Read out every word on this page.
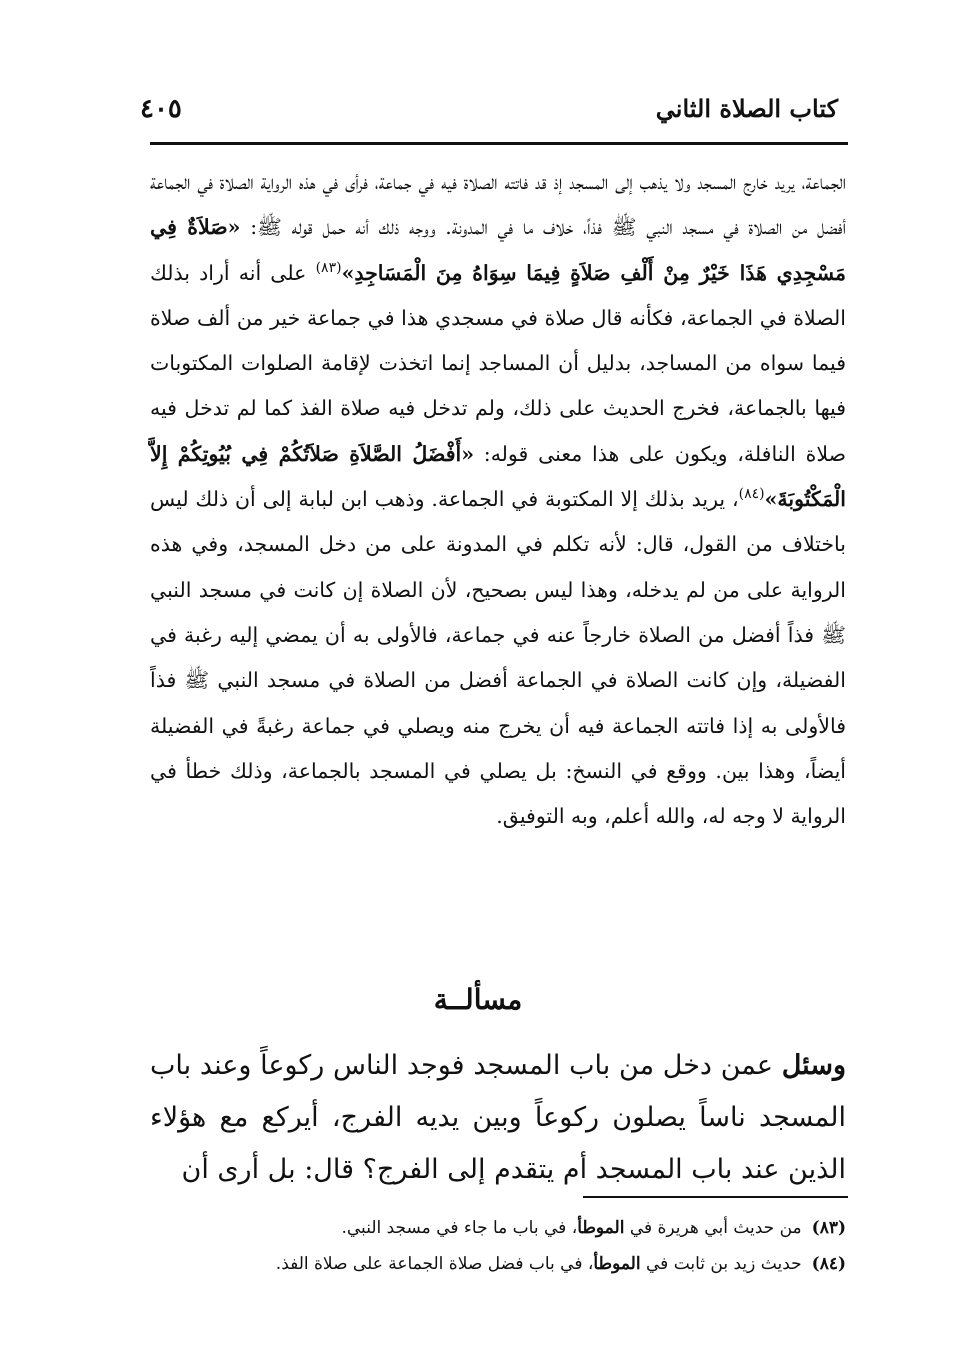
كتاب الصلاة الثاني
٤٠٥

الجماعة، يريد خارج المسجد ولا يذهب إلى المسجد إذ قد فاتته الصلاة فيه في جماعة، فرأى في هذه الرواية الصلاة في الجماعة أفضل من الصلاة في مسجد النبي ﷺ فذاً، خلاف ما في المدونة. ووجه ذلك أنه حمل قوله ﷺ: «صَلاَةٌ فِي مَسْجِدِي هَذَا خَيْرٌ مِنْ أَلْفِ صَلاَةٍ فِيمَا سِوَاهُ مِنَ الْمَسَاجِدِ»$^{(٨٣)}$ على أنه أراد بذلك الصلاة في الجماعة، فكأنه قال صلاة في مسجدي هذا في جماعة خير من ألف صلاة فيما سواه من المساجد، بدليل أن المساجد إنما اتخذت لإقامة الصلوات المكتوبات فيها بالجماعة، فخرج الحديث على ذلك، ولم تدخل فيه صلاة الفذ كما لم تدخل فيه صلاة النافلة، ويكون على هذا معنى قوله: «أَفْضَلُ الصَّلاَةِ صَلاَتُكُمْ فِي بُيُوتِكُمْ إِلاَّ الْمَكْتُوبَةَ»$^{(٨٤)}$، يريد بذلك إلا المكتوبة في الجماعة. وذهب ابن لبابة إلى أن ذلك ليس باختلاف من القول، قال: لأنه تكلم في المدونة على من دخل المسجد، وفي هذه الرواية على من لم يدخله، وهذا ليس بصحيح، لأن الصلاة إن كانت في مسجد النبي ﷺ فذاً أفضل من الصلاة خارجاً عنه في جماعة، فالأولى به أن يمضي إليه رغبة في الفضيلة، وإن كانت الصلاة في الجماعة أفضل من الصلاة في مسجد النبي ﷺ فذاً فالأولى به إذا فاتته الجماعة فيه أن يخرج منه ويصلي في جماعة رغبةً في الفضيلة أيضاً، وهذا بين. ووقع في النسخ: بل يصلي في المسجد بالجماعة، وذلك خطأ في الرواية لا وجه له، والله أعلم، وبه التوفيق.

مسألــة

وسئل عمن دخل من باب المسجد فوجد الناس ركوعاً وعند باب المسجد ناساً يصلون ركوعاً وبين يديه الفرج، أيركع مع هؤلاء الذين عند باب المسجد أم يتقدم إلى الفرج؟ قال: بل أرى أن

(٨٣)من حديث أبي هريرة في الموطأ، في باب ما جاء في مسجد النبي.

(٨٤)حديث زيد بن ثابت في الموطأ، في باب فضل صلاة الجماعة على صلاة الفذ.
